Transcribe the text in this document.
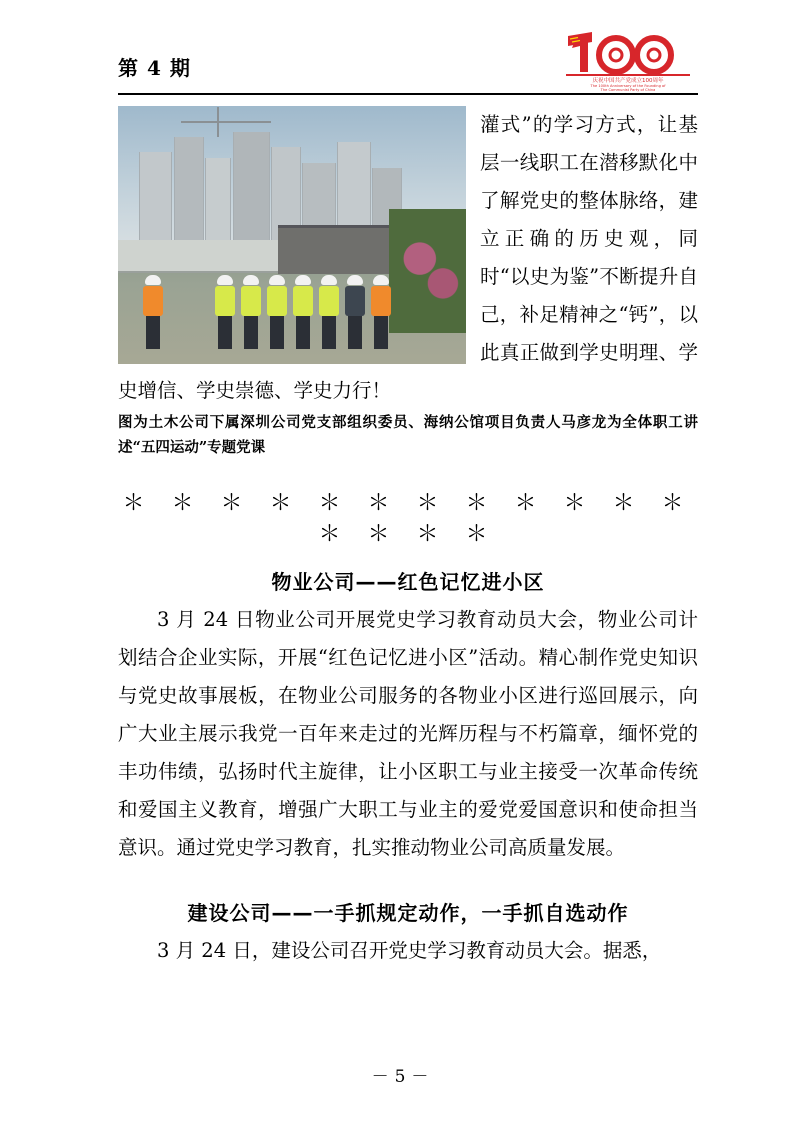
第 4 期
庆祝中国共产党成立100周年
The 100th Anniversary of the Founding of
The Communist Party of China

灌式”的学习方式，让基层一线职工在潜移默化中了解党史的整体脉络，建立正确的历史观，同时“以史为鉴”不断提升自己，补足精神之“钙”，以此真正做到学史明理、学史增信、学史崇德、学史力行！

图为土木公司下属深圳公司党支部组织委员、海纳公馆项目负责人马彦龙为全体职工讲述“五四运动”专题党课
＊ ＊ ＊ ＊ ＊ ＊ ＊ ＊ ＊ ＊ ＊ ＊ ＊ ＊ ＊ ＊
物业公司——红色记忆进小区

3 月 24 日物业公司开展党史学习教育动员大会，物业公司计划结合企业实际，开展“红色记忆进小区”活动。精心制作党史知识与党史故事展板，在物业公司服务的各物业小区进行巡回展示，向广大业主展示我党一百年来走过的光辉历程与不朽篇章，缅怀党的丰功伟绩，弘扬时代主旋律，让小区职工与业主接受一次革命传统和爱国主义教育，增强广大职工与业主的爱党爱国意识和使命担当意识。通过党史学习教育，扎实推动物业公司高质量发展。

建设公司——一手抓规定动作，一手抓自选动作

3 月 24 日，建设公司召开党史学习教育动员大会。据悉，

－ 5 －
